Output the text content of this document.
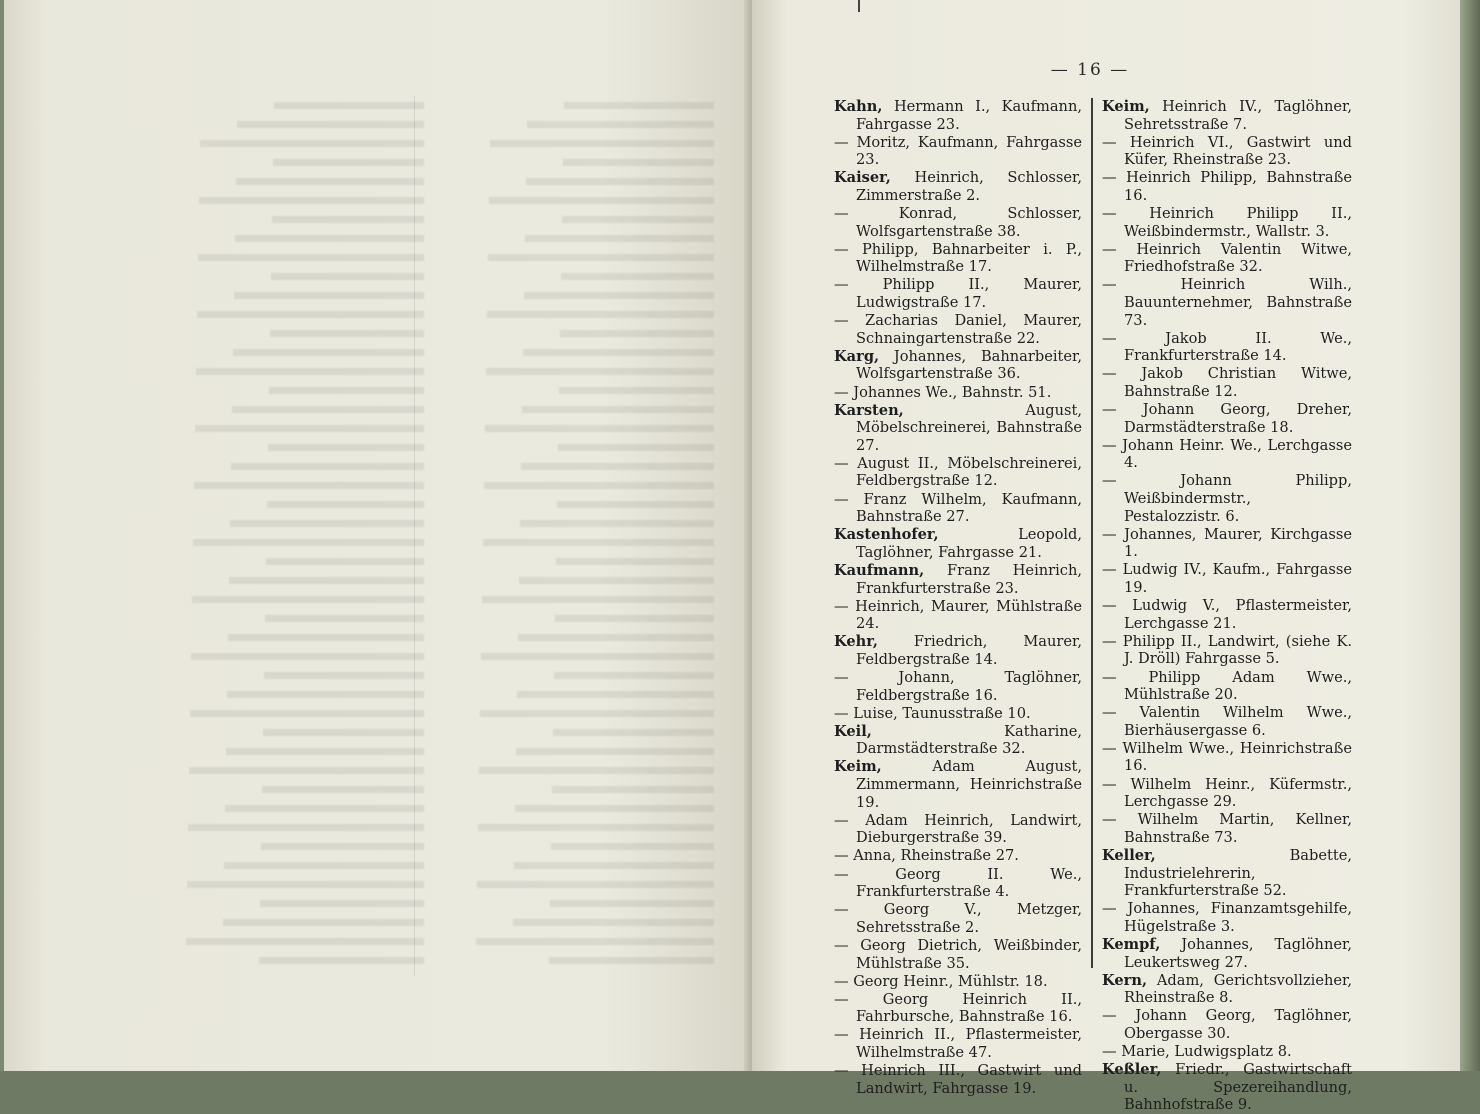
— 16 —
Kahn, Hermann I., Kaufmann, Fahrgasse 23.
— Moritz, Kaufmann, Fahrgasse 23.
Kaiser, Heinrich, Schlosser, Zimmerstraße 2.
— Konrad, Schlosser, Wolfsgartenstraße 38.
— Philipp, Bahnarbeiter i. P., Wilhelmstraße 17.
— Philipp II., Maurer, Ludwigstraße 17.
— Zacharias Daniel, Maurer, Schnaingartenstraße 22.
Karg, Johannes, Bahnarbeiter, Wolfsgartenstraße 36.
— Johannes We., Bahnstr. 51.
Karsten,	August, Möbelschreinerei, Bahnstraße 27.
— August II., Möbelschreinerei, Feldbergstraße 12.
— Franz Wilhelm, Kaufmann, Bahnstraße 27.
Kastenhofer,	Leopold, Taglöhner, Fahrgasse 21.
Kaufmann, Franz Heinrich, Frankfurterstraße 23.
— Heinrich, Maurer, Mühlstraße 24.
Kehr, Friedrich, Maurer, Feldbergstraße 14.
— Johann, Taglöhner, Feldbergstraße 16.
— Luise, Taunusstraße 10.
Keil,	Katharine, Darmstädterstraße 32.
Keim,	Adam August, Zimmermann, Heinrichstraße 19.
— Adam Heinrich, Landwirt, Dieburgerstraße 39.
— Anna, Rheinstraße 27.
— Georg II. We., Frankfurterstraße 4.
— Georg V., Metzger, Sehretsstraße 2.
— Georg Dietrich, Weißbinder, Mühlstraße 35.
— Georg Heinr., Mühlstr. 18.
— Georg Heinrich II., Fahrbursche, Bahnstraße 16.
— Heinrich II., Pflastermeister, Wilhelmstraße 47.
— Heinrich III., Gastwirt und Landwirt, Fahrgasse 19.
Keim, Heinrich IV., Taglöhner, Sehretsstraße 7.
— Heinrich VI., Gastwirt und Küfer, Rheinstraße 23.
— Heinrich Philipp, Bahnstraße 16.
— Heinrich Philipp II., Weißbindermstr., Wallstr. 3.
— Heinrich Valentin Witwe, Friedhofstraße 32.
— Heinrich Wilh., Bauunternehmer, Bahnstraße 73.
— Jakob II. We., Frankfurterstraße 14.
— Jakob Christian Witwe, Bahnstraße 12.
— Johann Georg, Dreher, Darmstädterstraße 18.
— Johann Heinr. We., Lerchgasse 4.
— Johann Philipp, Weißbindermstr., Pestalozzistr. 6.
— Johannes, Maurer, Kirchgasse 1.
— Ludwig IV., Kaufm., Fahrgasse 19.
— Ludwig V., Pflastermeister, Lerchgasse 21.
— Philipp II., Landwirt, (siehe K. J. Dröll) Fahrgasse 5.
— Philipp Adam Wwe., Mühlstraße 20.
— Valentin Wilhelm Wwe., Bierhäusergasse 6.
— Wilhelm Wwe., Heinrichstraße 16.
— Wilhelm Heinr., Küfermstr., Lerchgasse 29.
— Wilhelm Martin, Kellner, Bahnstraße 73.
Keller,	Babette, Industrielehrerin, Frankfurterstraße 52.
— Johannes, Finanzamtsgehilfe, Hügelstraße 3.
Kempf, Johannes, Taglöhner, Leukertsweg 27.
Kern, Adam, Gerichtsvollzieher, Rheinstraße 8.
— Johann Georg, Taglöhner, Obergasse 30.
— Marie, Ludwigsplatz 8.
Keßler, Friedr., Gastwirtschaft u. Spezereihandlung, Bahnhofstraße 9.
